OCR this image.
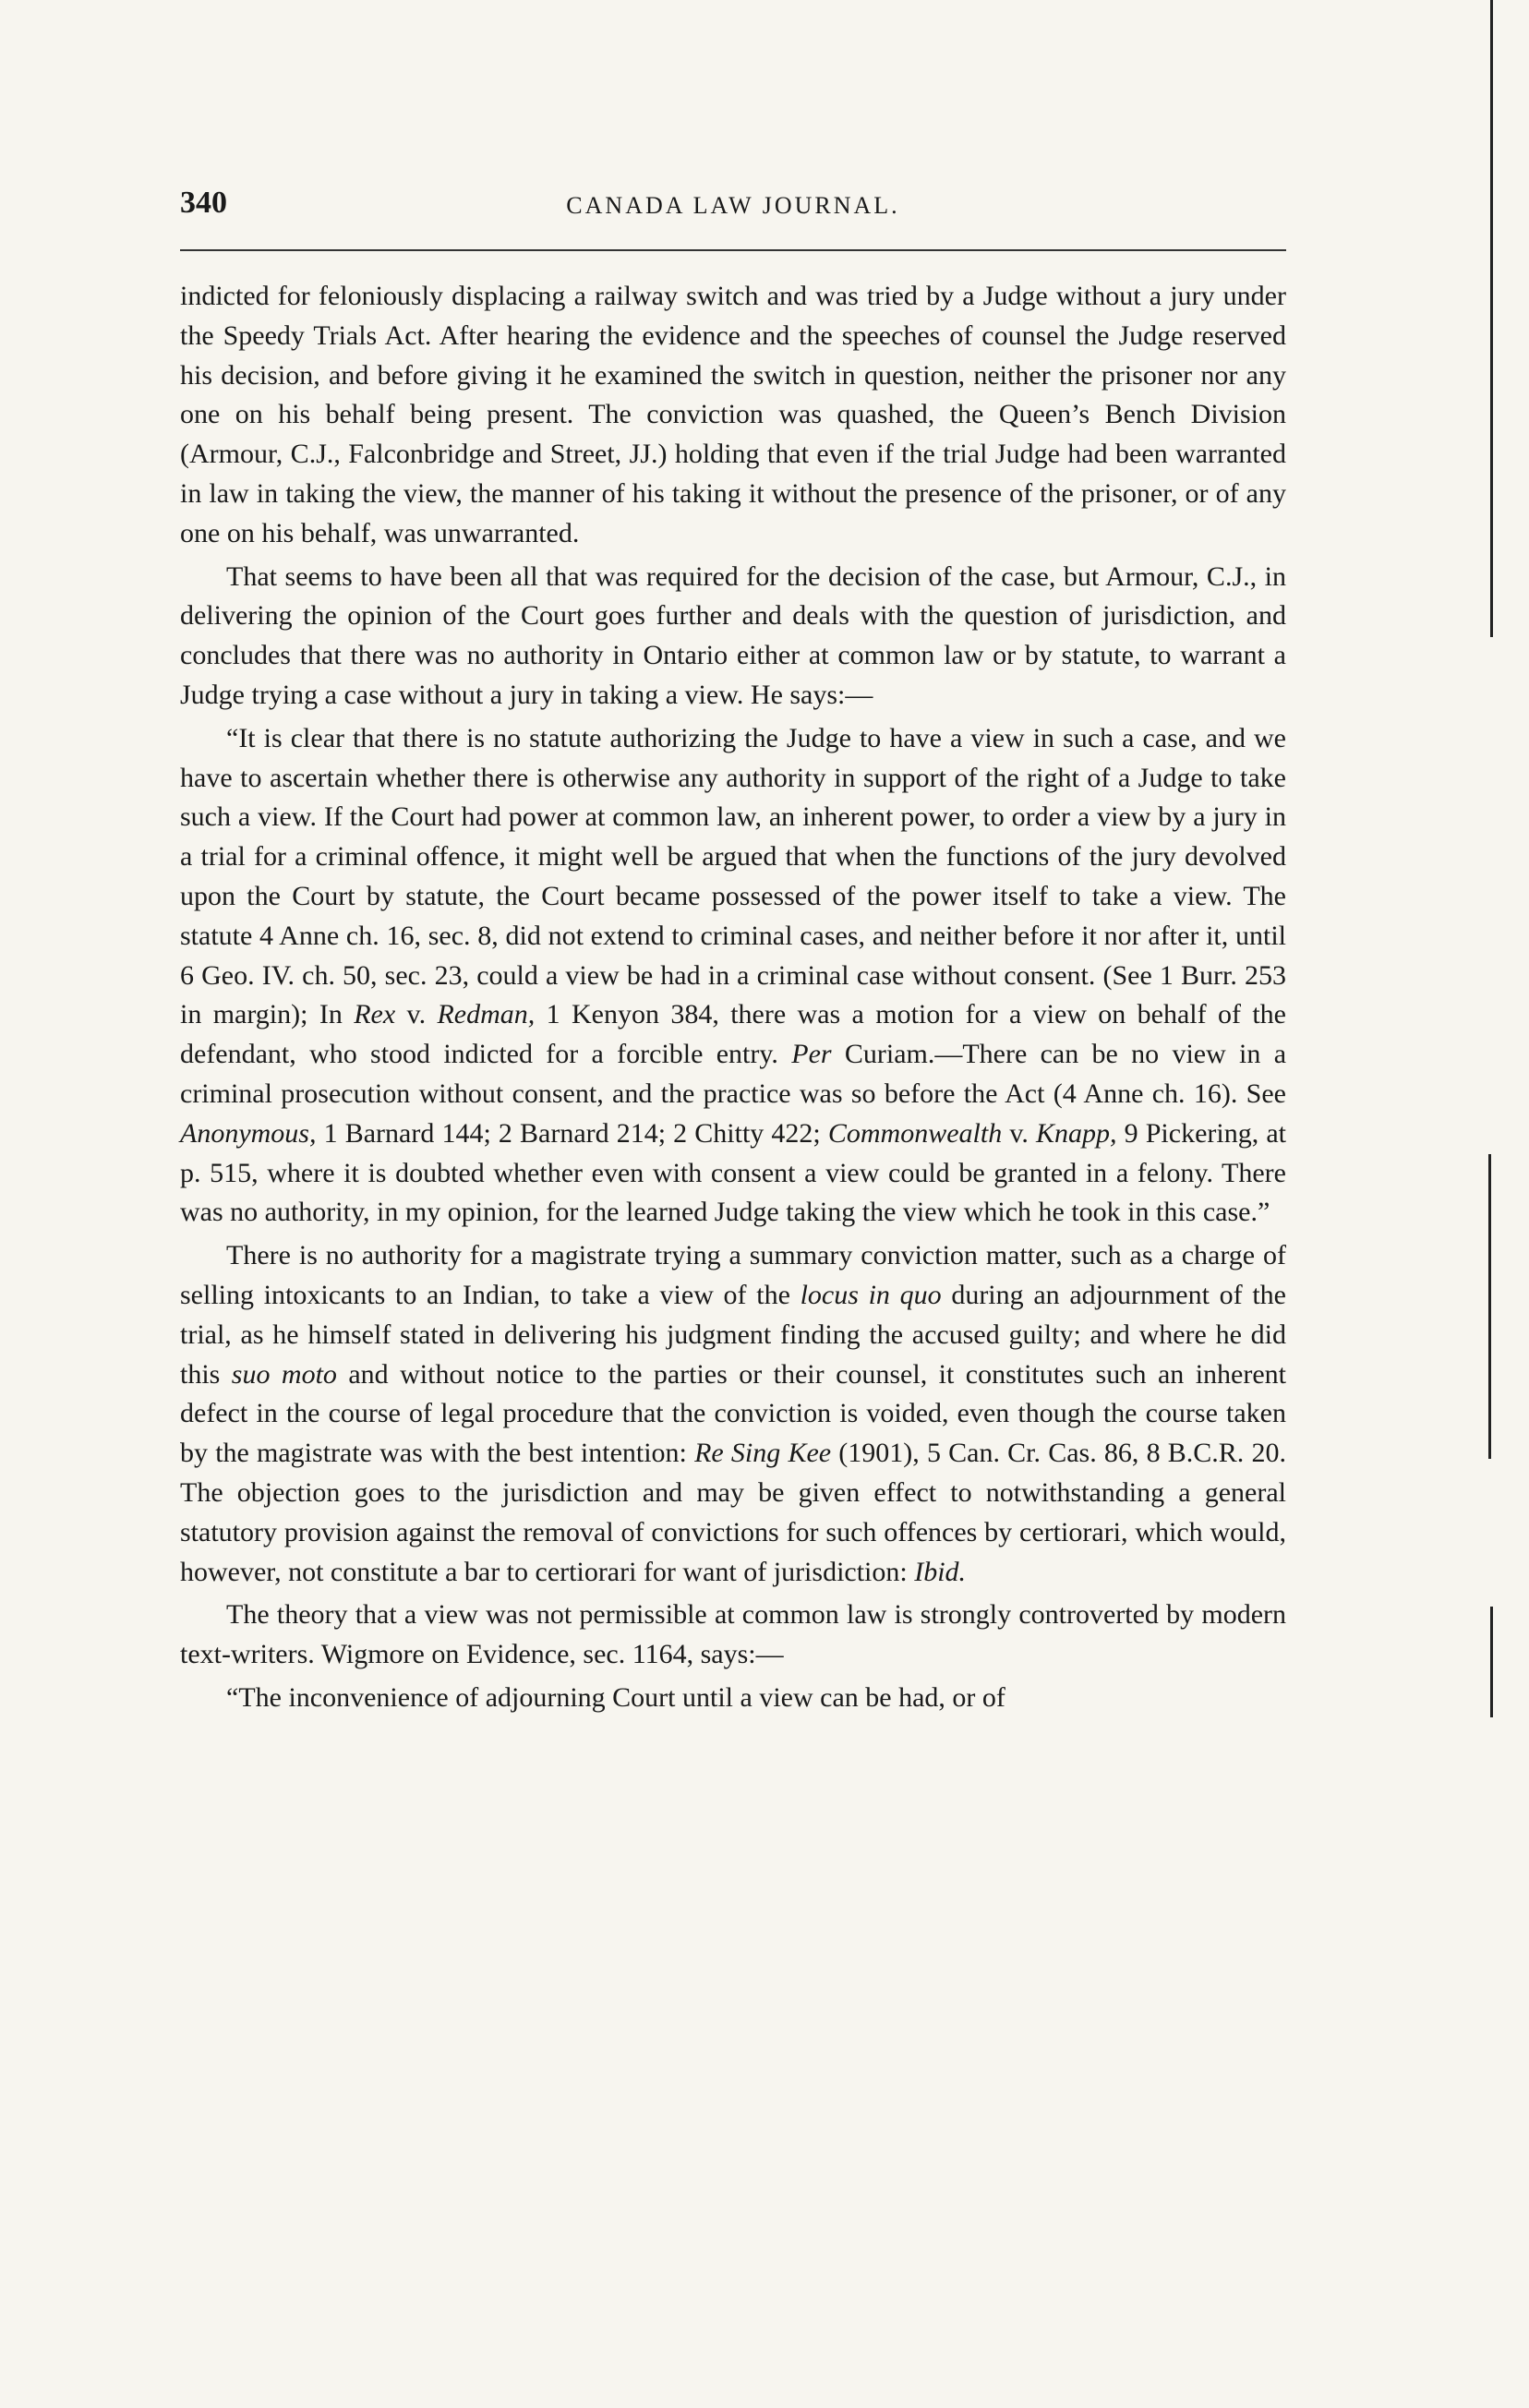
340	CANADA LAW JOURNAL.

indicted for feloniously displacing a railway switch and was tried by a Judge without a jury under the Speedy Trials Act. After hearing the evidence and the speeches of counsel the Judge reserved his decision, and before giving it he examined the switch in question, neither the prisoner nor any one on his behalf being present. The conviction was quashed, the Queen’s Bench Division (Armour, C.J., Falconbridge and Street, JJ.) holding that even if the trial Judge had been warranted in law in taking the view, the manner of his taking it without the presence of the prisoner, or of any one on his behalf, was unwarranted.

That seems to have been all that was required for the decision of the case, but Armour, C.J., in delivering the opinion of the Court goes further and deals with the question of jurisdiction, and concludes that there was no authority in Ontario either at common law or by statute, to warrant a Judge trying a case without a jury in taking a view. He says:—

“It is clear that there is no statute authorizing the Judge to have a view in such a case, and we have to ascertain whether there is otherwise any authority in support of the right of a Judge to take such a view. If the Court had power at common law, an inherent power, to order a view by a jury in a trial for a criminal offence, it might well be argued that when the functions of the jury devolved upon the Court by statute, the Court became possessed of the power itself to take a view. The statute 4 Anne ch. 16, sec. 8, did not extend to criminal cases, and neither before it nor after it, until 6 Geo. IV. ch. 50, sec. 23, could a view be had in a criminal case without consent. (See 1 Burr. 253 in margin); In Rex v. Redman, 1 Kenyon 384, there was a motion for a view on behalf of the defendant, who stood indicted for a forcible entry. Per Curiam.—There can be no view in a criminal prosecution without consent, and the practice was so before the Act (4 Anne ch. 16). See Anonymous, 1 Barnard 144; 2 Barnard 214; 2 Chitty 422; Commonwealth v. Knapp, 9 Pickering, at p. 515, where it is doubted whether even with consent a view could be granted in a felony. There was no authority, in my opinion, for the learned Judge taking the view which he took in this case.”

There is no authority for a magistrate trying a summary conviction matter, such as a charge of selling intoxicants to an Indian, to take a view of the locus in quo during an adjournment of the trial, as he himself stated in delivering his judgment finding the accused guilty; and where he did this suo moto and without notice to the parties or their counsel, it constitutes such an inherent defect in the course of legal procedure that the conviction is voided, even though the course taken by the magistrate was with the best intention: Re Sing Kee (1901), 5 Can. Cr. Cas. 86, 8 B.C.R. 20. The objection goes to the jurisdiction and may be given effect to notwithstanding a general statutory provision against the removal of convictions for such offences by certiorari, which would, however, not constitute a bar to certiorari for want of jurisdiction: Ibid.

The theory that a view was not permissible at common law is strongly controverted by modern text-writers. Wigmore on Evidence, sec. 1164, says:—

“The inconvenience of adjourning Court until a view can be had, or of
